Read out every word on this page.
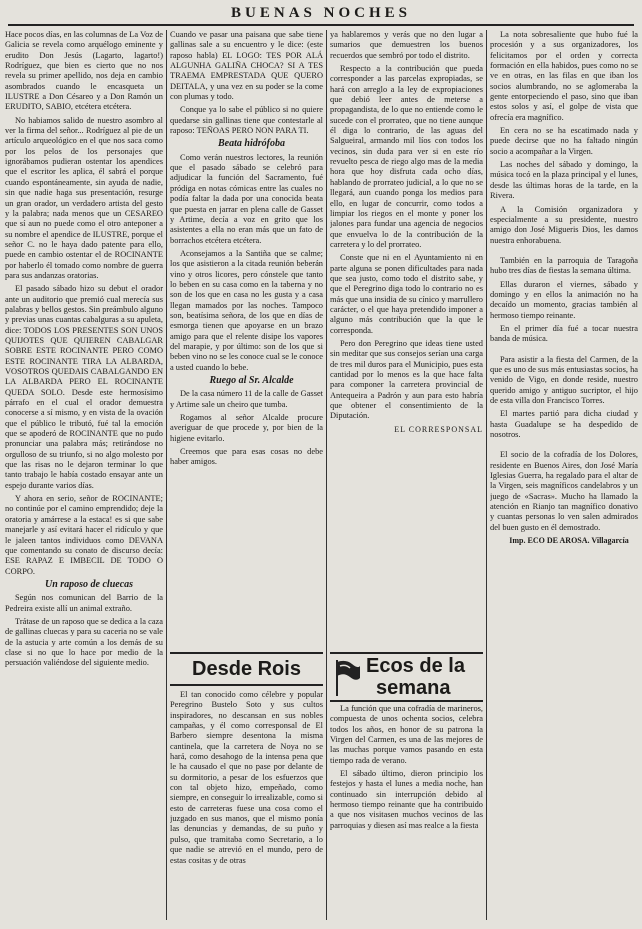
BUENAS NOCHES

Hace pocos días, en las columnas de La Voz de Galicia se revela como arquélogo eminente y erudito Don Jesús (Lagarto, lagarto!) Rodríguez, que bien es cierto que no nos revela su primer apellido, nos deja en cambio asombrados cuando le encasqueta un ILUSTRE a Don Césareo y a Don Ramón un ERUDITO, SABIO, etcétera etcétera.

No habiamos salido de nuestro asombro al ver la firma del señor... Rodríguez al pie de un artículo arqueológico en el que nos saca como por los pelos de los personajes que ignorábamos pudieran ostentar los apendices que el escritor les aplica, él sabrá el porque cuando espontáneamente, sin ayuda de nadie, sin que nadie haga sus presentación, resurge un gran orador, un verdadero artista del gesto y la palabra; nada menos que un CESAREO que sí aun no puede como el otro anteponer a su nombre el apendice de ILUSTRE, porque el señor C. no le haya dado patente para ello, puede en cambio ostentar el de ROCINANTE por haberlo él tomado como nombre de guerra para sus andanzas oratorias.

El pasado sábado hizo su debut el orador ante un auditorio que premió cual merecía sus palabras y bellos gestos. Sin preámbulo alguno y previas unas cuantas cabalguras a su apuleta, dice: TODOS LOS PRESENTES SON UNOS QUIJOTES QUE QUIEREN CABALGAR SOBRE ESTE ROCINANTE PERO COMO ESTE ROCINANTE TIRA LA ALBARDA, VOSOTROS QUEDAIS CABALGANDO EN LA ALBARDA PERO EL ROCINANTE QUEDA SOLO. Desde este hermosísimo párrafo en el cual el orador demuestra conocerse a sí mismo, y en vista de la ovación que el público le tributó, fué tal la emoción que se apoderó de ROCINANTE que no pudo pronunciar una palabra más; retirándose no orgulloso de su triunfo, si no algo molesto por que las risas no le dejaron terminar lo que tanto trabajo le había costado ensayar ante un espejo durante varios días.

Y ahora en serio, señor de ROCINANTE; no continúe por el camino emprendido; deje la oratoria y amárrese a la estaca! es si que sabe manejarle y así evitará hacer el ridículo y que le jaleen tantos individuos como DEVANA que comentando su conato de discurso decía: ESE RAPAZ E IMBECIL DE TODO O CORPO.

Un raposo de cluecas

Según nos comunican del Barrio de la Pedreira existe allí un animal extraño.

Trátase de un raposo que se dedica a la caza de gallinas cluecas y para su caceria no se vale de la astucia y arte común a los demás de su clase si no que lo hace por medio de la persuación valiéndose del siguiente medio.

Cuando ve pasar una paisana que sabe tiene gallinas sale a su encuentro y le dice: (este raposo habla) EL LOGO: TES POR ALÁ ALGUNHA GALIÑA CHOCA? SI A TES TRAEMA EMPRESTADA QUE QUERO DEITALA, y una vez en su poder se la come con plumas y todo.

Conque ya lo sabe el público si no quiere quedarse sin gallinas tiene que contestarle al raposo: TEÑOAS PERO NON PARA TI.

Beata hidrófoba

Como verán nuestros lectores, la reunión que el pasado sábado se celebró para adjudicar la función del Sacramento, fué pródiga en notas cómicas entre las cuales no podía faltar la dada por una conocida beata que puesta en jarrar en plena calle de Gasset y Artime, decía a voz en grito que los asistentes a ella no eran más que un fato de borrachos etcétera etcétera.

Aconsejamos a la Santiña que se calme; los que asistieron a la citada reunión beberán vino y otros licores, pero cónstele que tanto lo beben en su casa como en la taberna y no son de los que en casa no les gusta y a casa llegan mamados por las noches. Tampoco son, beatísima señora, de los que en días de esmorga tienen que apoyarse en un brazo amigo para que el relente disipe los vapores del marapie, y por último: son de los que si beben vino no se les conoce cual se le conoce a usted cuando lo bebe.

Ruego al Sr. Alcalde

De la casa número 11 de la calle de Gasset y Artime sale un cheiro que tumba.

Rogamos al señor Alcalde procure averiguar de que procede y, por bien de la higiene evitarlo.

Creemos que para esas cosas no debe haber amigos.

ya hablaremos y verás que no den lugar a sumarios que demuestren los buenos recuerdos que sembró por todo el distrito.

Respecto a la contribución que pueda corresponder a las parcelas expropiadas, se hará con arreglo a la ley de expropiaciones que debió leer antes de meterse a propagandista, de lo que no entiende como le sucede con el prorrateo, que no tiene aunque él diga lo contrario, de las aguas del Salgueiral, armando mil líos con todos los vecinos, sin duda para ver si en este río revuelto pesca de riego algo mas de la media hora que hoy disfruta cada ocho días, hablando de prorrateo judicial, a lo que no se llegará, aun cuando ponga los medios para ello, en lugar de concurrir, como todos a limpiar los riegos en el monte y poner los jalones para fundar una agencia de negocios que envuelva lo de la contribución de la carretera y lo del prorrateo.

Conste que ni en el Ayuntamiento ni en parte alguna se ponen dificultades para nada que sea justo, como todo el distrito sabe, y que el Peregrino diga todo lo contrario no es más que una insidia de su cínico y marrullero carácter, o el que haya pretendido imponer a alguno más contribución que la que le corresponda.

Pero don Peregrino que ideas tiene usted sin meditar que sus consejos serían una carga de tres mil duros para el Municipio, pues esta cantidad por lo menos es la que hace falta para componer la carretera provincial de Antequeira a Padrón y aun para esto habría que obtener el consentimiento de la Diputación.

EL CORRESPONSAL

La nota sobresaliente que hubo fué la procesión y a sus organizadores, los felicitamos por el orden y correcta formación en ella habidos, pues como no se ve en otras, en las filas en que iban los socios alumbrando, no se aglomeraba la gente entorpeciendo el paso, sino que iban estos solos y así, el golpe de vista que ofrecía era magnífico.

En cera no se ha escatimado nada y puede decirse que no ha faltado ningún socio a acompañar a la Virgen.

Las noches del sábado y domingo, la música tocó en la plaza principal y el lunes, desde las últimas horas de la tarde, en la Rivera.

A la Comisión organizadora y especialmente a su presidente, nuestro amigo don José Migueris Dios, les damos nuestra enhorabuena.

También en la parroquia de Taragoña hubo tres días de fiestas la semana última.

Ellas duraron el viernes, sábado y domingo y en ellos la animación no ha decaído un momento, gracias también al hermoso tiempo reinante.

En el primer día fué a tocar nuestra banda de música.

Para asistir a la fiesta del Carmen, de la que es uno de sus más entusiastas socios, ha venido de Vigo, en donde reside, nuestro querido amigo y antiguo sucriptor, el hijo de esta villa don Francisco Torres.

El martes partió para dicha ciudad y hasta Guadalupe se ha despedido de nosotros.

El socio de la cofradía de los Dolores, residente en Buenos Aires, don José María Iglesias Guerra, ha regalado para el altar de la Virgen, seis magníficos candelabros y un juego de «Sacras». Mucho ha llamado la atención en Rianjo tan magnífico donativo y cuantas personas lo ven salen admirados del buen gusto en él demostrado.

Imp. ECO DE AROSA. Villagarcía

Desde Rois

El tan conocido como célebre y popular Peregrino Bustelo Soto y sus cultos inspiradores, no descansan en sus nobles campañas, y él como corresponsal de El Barbero siempre desentona la misma cantinela, que la carretera de Noya no se hará, como desahogo de la intensa pena que le ha causado el que no pase por delante de su dormitorio, a pesar de los esfuerzos que con tal objeto hizo, empeñado, como siempre, en conseguir lo irrealizable, como si esto de carreteras fuese una cosa como el juzgado en sus manos, que el mismo ponía las denuncias y demandas, de su puño y pulso, que tramitaba como Secretario, a lo que nadie se atrevió en el mundo, pero de estas cositas y de otras

Ecos de la
semana

La función que una cofradía de marineros, compuesta de unos ochenta socios, celebra todos los años, en honor de su patrona la Virgen del Carmen, es una de las mejores de las muchas porque vamos pasando en esta tiempo rada de verano.

El sábado último, dieron principio los festejos y hasta el lunes a media noche, han continuado sin interrupción debido al hermoso tiempo reinante que ha contribuido a que nos visitasen muchos vecinos de las parroquias y diesen así mas realce a la fiesta
